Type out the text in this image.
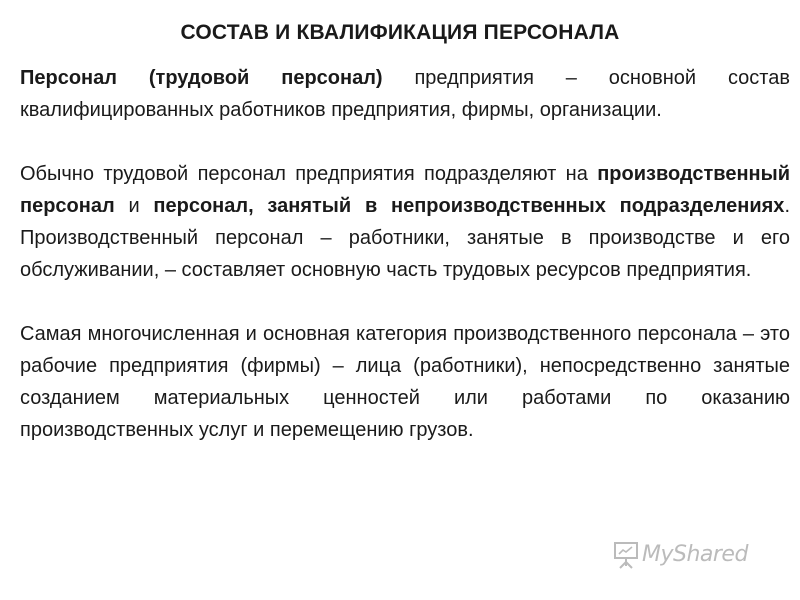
СОСТАВ И КВАЛИФИКАЦИЯ ПЕРСОНАЛА

Персонал (трудовой персонал) предприятия – основной состав квалифицированных работников предприятия, фирмы, организации.

Обычно трудовой персонал предприятия подразделяют на производственный персонал и персонал, занятый в непроизводственных подразделениях. Производственный персонал – работники, занятые в производстве и его обслуживании, – составляет основную часть трудовых ресурсов предприятия.

Самая многочисленная и основная категория производственного персонала – это рабочие предприятия (фирмы) – лица (работники), непосредственно занятые созданием материальных ценностей или работами по оказанию производственных услуг и перемещению грузов.

MyShared
